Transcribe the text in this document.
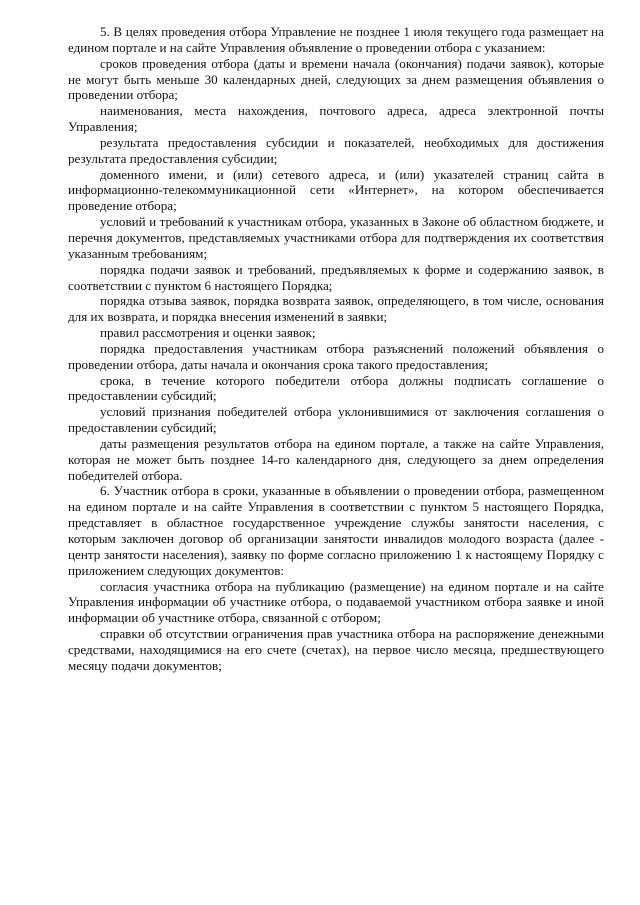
5. В целях проведения отбора Управление не позднее 1 июля текущего года размещает на едином портале и на сайте Управления объявление о проведении отбора с указанием:

сроков проведения отбора (даты и времени начала (окончания) подачи заявок), которые не могут быть меньше 30 календарных дней, следующих за днем размещения объявления о проведении отбора;

наименования, места нахождения, почтового адреса, адреса электронной почты Управления;

результата предоставления субсидии и показателей, необходимых для достижения результата предоставления субсидии;

доменного имени, и (или) сетевого адреса, и (или) указателей страниц сайта в информационно-телекоммуникационной сети «Интернет», на котором обеспечивается проведение отбора;

условий и требований к участникам отбора, указанных в Законе об областном бюджете, и перечня документов, представляемых участниками отбора для подтверждения их соответствия указанным требованиям;

порядка подачи заявок и требований, предъявляемых к форме и содержанию заявок, в соответствии с пунктом 6 настоящего Порядка;

порядка отзыва заявок, порядка возврата заявок, определяющего, в том числе, основания для их возврата, и порядка внесения изменений в заявки;

правил рассмотрения и оценки заявок;

порядка предоставления участникам отбора разъяснений положений объявления о проведении отбора, даты начала и окончания срока такого предоставления;

срока, в течение которого победители отбора должны подписать соглашение о предоставлении субсидий;

условий признания победителей отбора уклонившимися от заключения соглашения о предоставлении субсидий;

даты размещения результатов отбора на едином портале, а также на сайте Управления, которая не может быть позднее 14-го календарного дня, следующего за днем определения победителей отбора.

6. Участник отбора в сроки, указанные в объявлении о проведении отбора, размещенном на едином портале и на сайте Управления в соответствии с пунктом 5 настоящего Порядка, представляет в областное государственное учреждение службы занятости населения, с которым заключен договор об организации занятости инвалидов молодого возраста (далее - центр занятости населения), заявку по форме согласно приложению 1 к настоящему Порядку с приложением следующих документов:

согласия участника отбора на публикацию (размещение) на едином портале и на сайте Управления информации об участнике отбора, о подаваемой участником отбора заявке и иной информации об участнике отбора, связанной с отбором;

справки об отсутствии ограничения прав участника отбора на распоряжение денежными средствами, находящимися на его счете (счетах), на первое число месяца, предшествующего месяцу подачи документов;
